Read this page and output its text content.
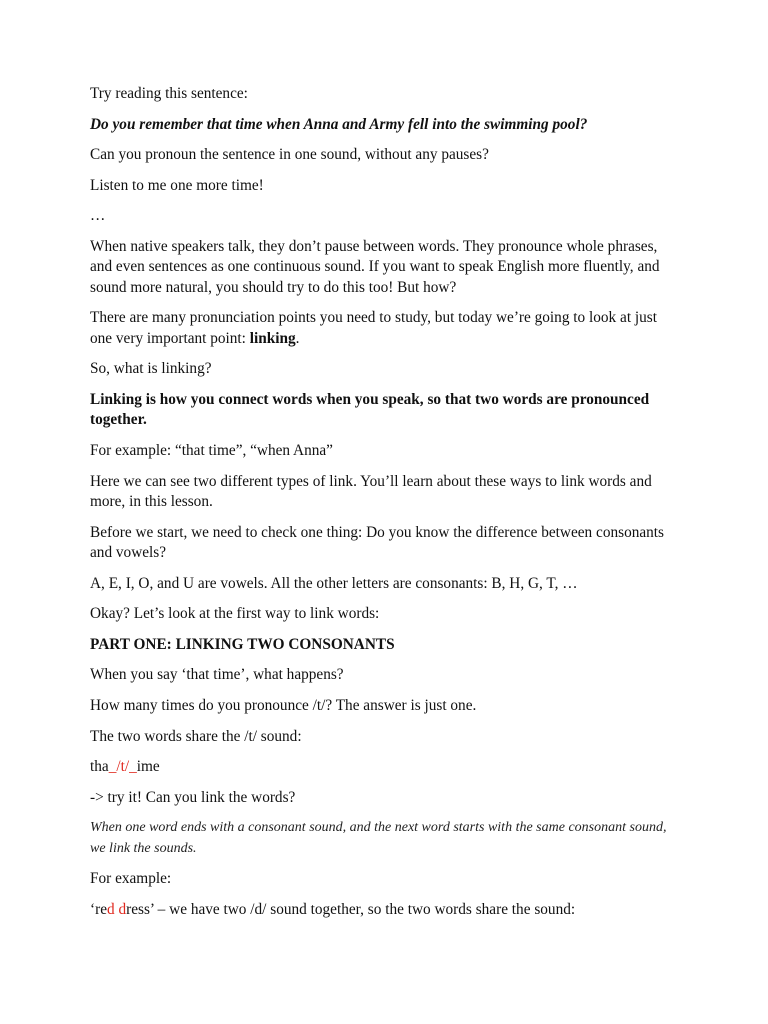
Try reading this sentence:

Do you remember that time when Anna and Army fell into the swimming pool?

Can you pronoun the sentence in one sound, without any pauses?

Listen to me one more time!

…

When native speakers talk, they don’t pause between words. They pronounce whole phrases, and even sentences as one continuous sound. If you want to speak English more fluently, and sound more natural, you should try to do this too! But how?

There are many pronunciation points you need to study, but today we’re going to look at just one very important point: linking.

So, what is linking?

Linking is how you connect words when you speak, so that two words are pronounced together.

For example: “that time”, “when Anna”

Here we can see two different types of link. You’ll learn about these ways to link words and more, in this lesson.

Before we start, we need to check one thing: Do you know the difference between consonants and vowels?

A, E, I, O, and U are vowels. All the other letters are consonants: B, H, G, T, …

Okay? Let’s look at the first way to link words:

PART ONE: LINKING TWO CONSONANTS

When you say ‘that time’, what happens?

How many times do you pronounce /t/? The answer is just one.

The two words share the /t/ sound:

tha_/t/_ime

-> try it! Can you link the words?

When one word ends with a consonant sound, and the next word starts with the same consonant sound, we link the sounds.

For example:

‘red dress’ – we have two /d/ sound together, so the two words share the sound:
